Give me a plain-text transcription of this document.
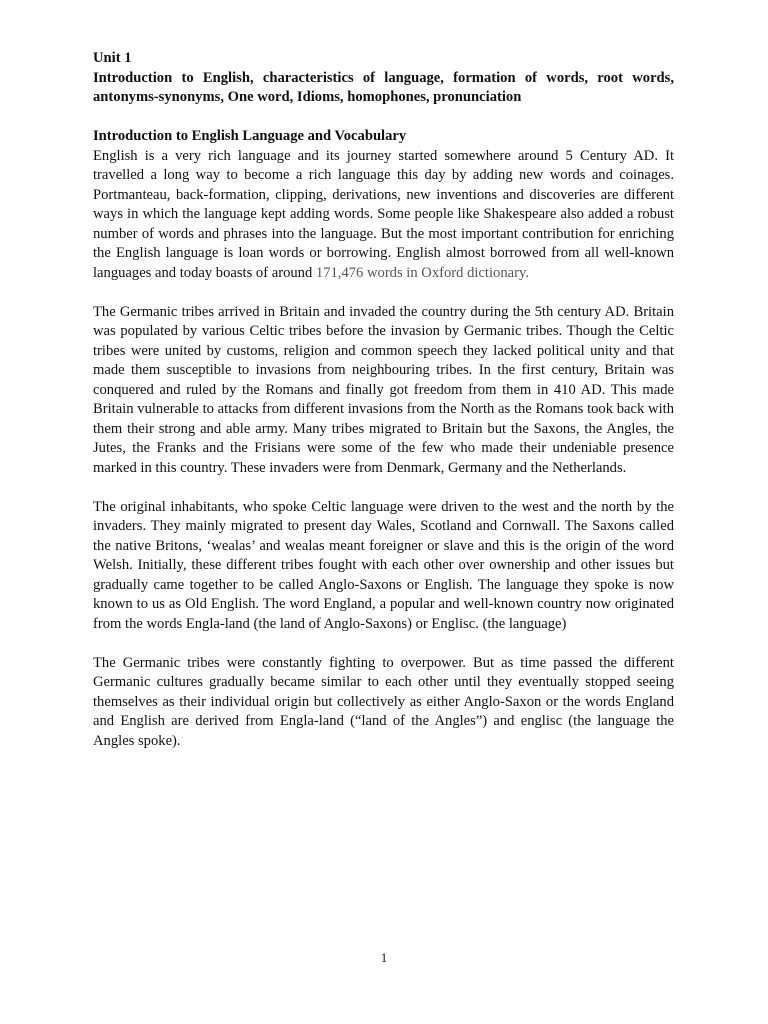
Unit 1

Introduction to English, characteristics of language, formation of words, root words, antonyms-synonyms, One word, Idioms, homophones, pronunciation

Introduction to English Language and Vocabulary

English is a very rich language and its journey started somewhere around 5 Century AD. It travelled a long way to become a rich language this day by adding new words and coinages. Portmanteau, back-formation, clipping, derivations, new inventions and discoveries are different ways in which the language kept adding words. Some people like Shakespeare also added a robust number of words and phrases into the language. But the most important contribution for enriching the English language is loan words or borrowing. English almost borrowed from all well-known languages and today boasts of around 171,476 words in Oxford dictionary.

The Germanic tribes arrived in Britain and invaded the country during the 5th century AD. Britain was populated by various Celtic tribes before the invasion by Germanic tribes. Though the Celtic tribes were united by customs, religion and common speech they lacked political unity and that made them susceptible to invasions from neighbouring tribes. In the first century, Britain was conquered and ruled by the Romans and finally got freedom from them in 410 AD. This made Britain vulnerable to attacks from different invasions from the North as the Romans took back with them their strong and able army. Many tribes migrated to Britain but the Saxons, the Angles, the Jutes, the Franks and the Frisians were some of the few who made their undeniable presence marked in this country. These invaders were from Denmark, Germany and the Netherlands.

The original inhabitants, who spoke Celtic language were driven to the west and the north by the invaders. They mainly migrated to present day Wales, Scotland and Cornwall. The Saxons called the native Britons, ‘wealas’ and wealas meant foreigner or slave and this is the origin of the word Welsh. Initially, these different tribes fought with each other over ownership and other issues but gradually came together to be called Anglo-Saxons or English. The language they spoke is now known to us as Old English. The word England, a popular and well-known country now originated from the words Engla-land (the land of Anglo-Saxons) or Englisc. (the language)

The Germanic tribes were constantly fighting to overpower. But as time passed the different Germanic cultures gradually became similar to each other until they eventually stopped seeing themselves as their individual origin but collectively as either Anglo-Saxon or the words England and English are derived from Engla-land (“land of the Angles”) and englisc (the language the Angles spoke).

1
